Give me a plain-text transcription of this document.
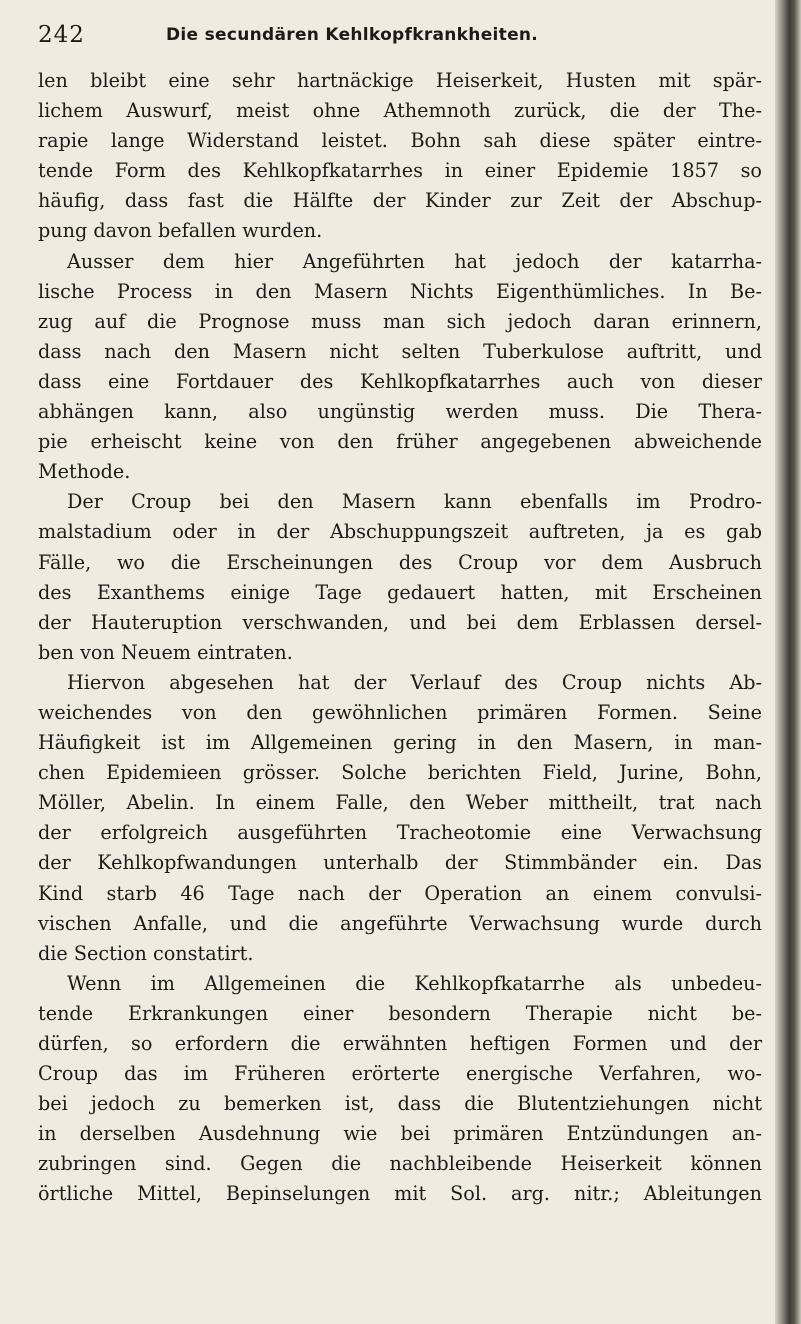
242	Die secundären Kehlkopfkrankheiten.
len bleibt eine sehr hartnäckige Heiserkeit, Husten mit spär-
lichem Auswurf, meist ohne Athemnoth zurück, die der The-
rapie lange Widerstand leistet. Bohn sah diese später eintre-
tende Form des Kehlkopfkatarrhes in einer Epidemie 1857 so
häufig, dass fast die Hälfte der Kinder zur Zeit der Abschup-
pung davon befallen wurden.
Ausser dem hier Angeführten hat jedoch der katarrha-
lische Process in den Masern Nichts Eigenthümliches. In Be-
zug auf die Prognose muss man sich jedoch daran erinnern,
dass nach den Masern nicht selten Tuberkulose auftritt, und
dass eine Fortdauer des Kehlkopfkatarrhes auch von dieser
abhängen kann, also ungünstig werden muss. Die Thera-
pie erheischt keine von den früher angegebenen abweichende
Methode.
Der Croup bei den Masern kann ebenfalls im Prodro-
malstadium oder in der Abschuppungszeit auftreten, ja es gab
Fälle, wo die Erscheinungen des Croup vor dem Ausbruch
des Exanthems einige Tage gedauert hatten, mit Erscheinen
der Hauteruption verschwanden, und bei dem Erblassen dersel-
ben von Neuem eintraten.
Hiervon abgesehen hat der Verlauf des Croup nichts Ab-
weichendes von den gewöhnlichen primären Formen. Seine
Häufigkeit ist im Allgemeinen gering in den Masern, in man-
chen Epidemieen grösser. Solche berichten Field, Jurine, Bohn,
Möller, Abelin. In einem Falle, den Weber mittheilt, trat nach
der erfolgreich ausgeführten Tracheotomie eine Verwachsung
der Kehlkopfwandungen unterhalb der Stimmbänder ein. Das
Kind starb 46 Tage nach der Operation an einem convulsi-
vischen Anfalle, und die angeführte Verwachsung wurde durch
die Section constatirt.
Wenn im Allgemeinen die Kehlkopfkatarrhe als unbedeu-
tende Erkrankungen einer besondern Therapie nicht be-
dürfen, so erfordern die erwähnten heftigen Formen und der
Croup das im Früheren erörterte energische Verfahren, wo-
bei jedoch zu bemerken ist, dass die Blutentziehungen nicht
in derselben Ausdehnung wie bei primären Entzündungen an-
zubringen sind. Gegen die nachbleibende Heiserkeit können
örtliche Mittel, Bepinselungen mit Sol. arg. nitr.; Ableitungen
